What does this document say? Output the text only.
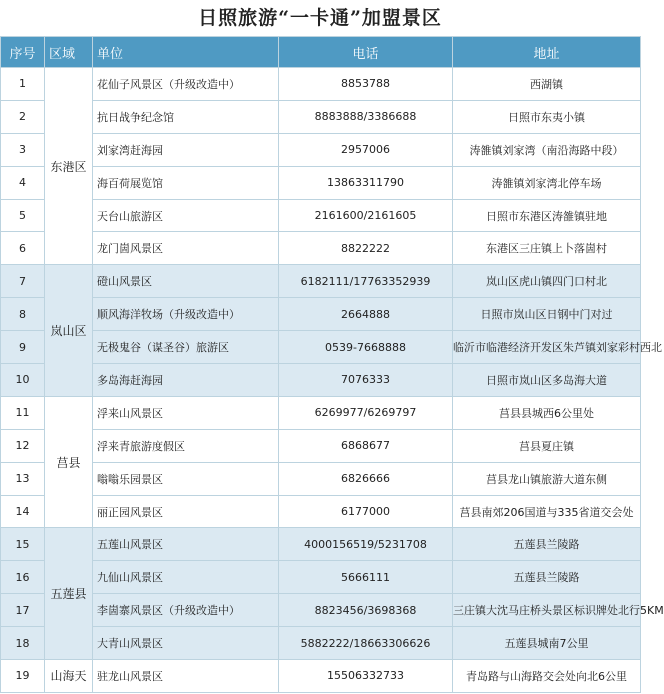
日照旅游“一卡通”加盟景区
序号	区域	单位	电话	地址
1	东港区	花仙子风景区（升级改造中）	8853788	西湖镇
2		抗日战争纪念馆	8883888/3386688	日照市东夷小镇
3		刘家湾赶海园	2957006	涛雒镇刘家湾（南沿海路中段）
4		海百荷展览馆	13863311790	涛雒镇刘家湾北停车场
5		天台山旅游区	2161600/2161605	日照市东港区涛雒镇驻地
6		龙门崮风景区	8822222	东港区三庄镇上卜落崮村
7	岚山区	磴山风景区	6182111/17763352939	岚山区虎山镇四门口村北
8		顺风海洋牧场（升级改造中）	2664888	日照市岚山区日钢中门对过
9		无极鬼谷（谋圣谷）旅游区	0539-7668888	临沂市临港经济开发区朱芦镇刘家彩村西北
10		多岛海赶海园	7076333	日照市岚山区多岛海大道
11	莒县	浮来山风景区	6269977/6269797	莒县县城西6公里处
12		浮来青旅游度假区	6868677	莒县夏庄镇
13		嗡嗡乐园景区	6826666	莒县龙山镇旅游大道东侧
14		丽正园风景区	6177000	莒县南郊206国道与335省道交会处
15	五莲县	五莲山风景区	4000156519/5231708	五莲县兰陵路
16		九仙山风景区	5666111	五莲县兰陵路
17		李崮寨风景区（升级改造中）	8823456/3698368	三庄镇大沈马庄桥头景区标识牌处北行5KM
18		大青山风景区	5882222/18663306626	五莲县城南7公里
19	山海天	驻龙山风景区	15506332733	青岛路与山海路交会处向北6公里
